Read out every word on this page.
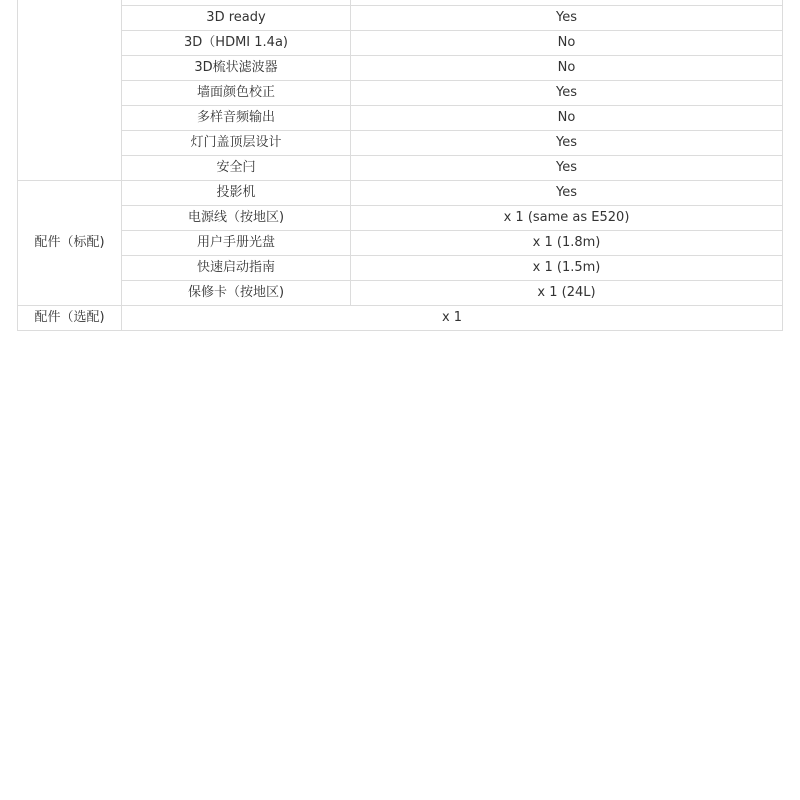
	3D ready	Yes
	3D（HDMI 1.4a)	No
	3D梳状滤波器	No
	墙面颜色校正	Yes
	多样音频输出	No
	灯门盖顶层设计	Yes
	安全闩	Yes
配件（标配)	投影机	Yes
	电源线（按地区)	x 1 (same as E520)
	用户手册光盘	x 1 (1.8m)
	快速启动指南	x 1 (1.5m)
	保修卡（按地区)	x 1 (24L)
配件（选配)	x 1	
